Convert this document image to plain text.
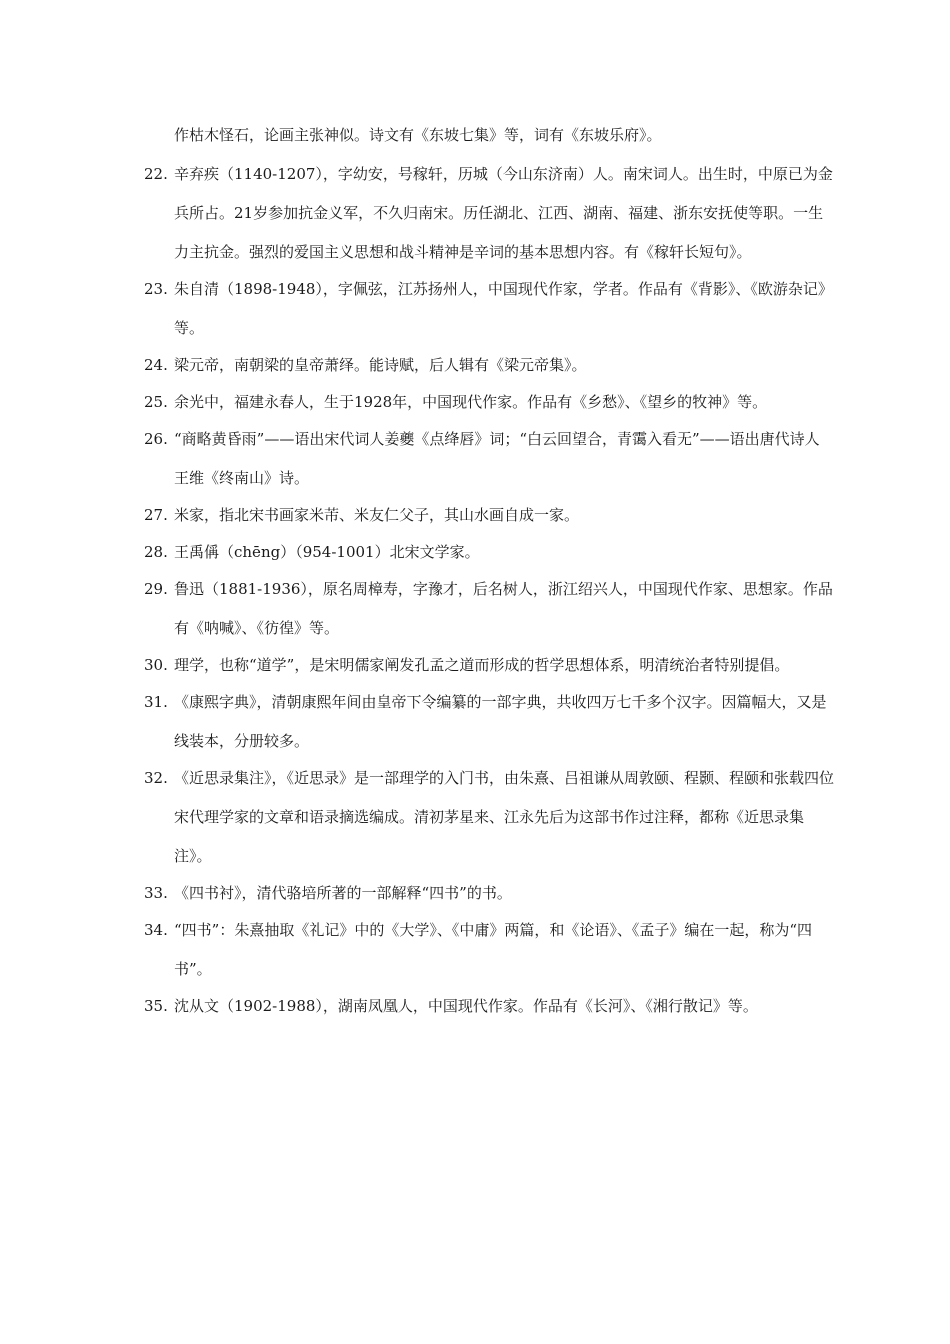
作枯木怪石，论画主张神似。诗文有《东坡七集》等，词有《东坡乐府》。
22. 辛弃疾（1140-1207），字幼安，号稼轩，历城（今山东济南）人。南宋词人。出生时，中原已为金兵所占。21岁参加抗金义军，不久归南宋。历任湖北、江西、湖南、福建、浙东安抚使等职。一生力主抗金。强烈的爱国主义思想和战斗精神是辛词的基本思想内容。有《稼轩长短句》。
23. 朱自清（1898-1948），字佩弦，江苏扬州人，中国现代作家，学者。作品有《背影》、《欧游杂记》等。
24. 梁元帝，南朝梁的皇帝萧绎。能诗赋，后人辑有《梁元帝集》。
25. 余光中，福建永春人，生于1928年，中国现代作家。作品有《乡愁》、《望乡的牧神》等。
26. “商略黄昏雨”——语出宋代词人姜夔《点绛唇》词；“白云回望合，青霭入看无”——语出唐代诗人王维《终南山》诗。
27. 米家，指北宋书画家米芾、米友仁父子，其山水画自成一家。
28. 王禹偁（chēng）（954-1001）北宋文学家。
29. 鲁迅（1881-1936），原名周樟寿，字豫才，后名树人，浙江绍兴人，中国现代作家、思想家。作品有《呐喊》、《彷徨》等。
30. 理学，也称“道学”，是宋明儒家阐发孔孟之道而形成的哲学思想体系，明清统治者特别提倡。
31. 《康熙字典》，清朝康熙年间由皇帝下令编纂的一部字典，共收四万七千多个汉字。因篇幅大，又是线装本，分册较多。
32. 《近思录集注》，《近思录》是一部理学的入门书，由朱熹、吕祖谦从周敦颐、程颢、程颐和张载四位宋代理学家的文章和语录摘选编成。清初茅星来、江永先后为这部书作过注释，都称《近思录集注》。
33. 《四书衬》，清代骆培所著的一部解释“四书”的书。
34. “四书”：朱熹抽取《礼记》中的《大学》、《中庸》两篇，和《论语》、《孟子》编在一起，称为“四书”。
35. 沈从文（1902-1988），湖南凤凰人，中国现代作家。作品有《长河》、《湘行散记》等。
